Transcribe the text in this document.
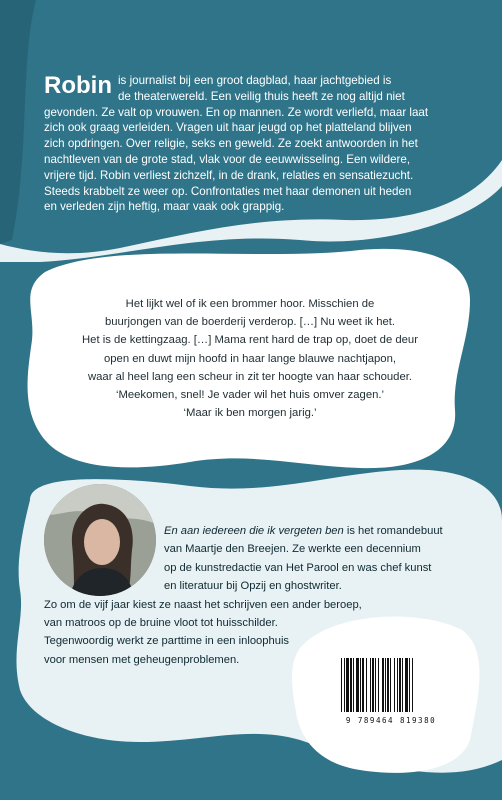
Robin is journalist bij een groot dagblad, haar jachtgebied is
de theaterwereld. Een veilig thuis heeft ze nog altijd niet
gevonden. Ze valt op vrouwen. En op mannen. Ze wordt verliefd, maar laat
zich ook graag verleiden. Vragen uit haar jeugd op het platteland blijven
zich opdringen. Over religie, seks en geweld. Ze zoekt antwoorden in het
nachtleven van de grote stad, vlak voor de eeuwwisseling. Een wildere,
vrijere tijd. Robin verliest zichzelf, in de drank, relaties en sensatiezucht.
Steeds krabbelt ze weer op. Confrontaties met haar demonen uit heden
en verleden zijn heftig, maar vaak ook grappig.

Het lijkt wel of ik een brommer hoor. Misschien de

buurjongen van de boerderij verderop. […] Nu weet ik het.

Het is de kettingzaag. […] Mama rent hard de trap op, doet de deur

open en duwt mijn hoofd in haar lange blauwe nachtjapon,

waar al heel lang een scheur in zit ter hoogte van haar schouder.

‘Meekomen, snel! Je vader wil het huis omver zagen.’

‘Maar ik ben morgen jarig.’

En aan iedereen die ik vergeten ben is het romandebuut
van Maartje den Breejen. Ze werkte een decennium
op de kunstredactie van Het Parool en was chef kunst
en literatuur bij Opzij en ghostwriter.
Zo om de vijf jaar kiest ze naast het schrijven een ander beroep,
van matroos op de bruine vloot tot huisschilder.
Tegenwoordig werkt ze parttime in een inloophuis
voor mensen met geheugenproblemen.
9 789464 819380
